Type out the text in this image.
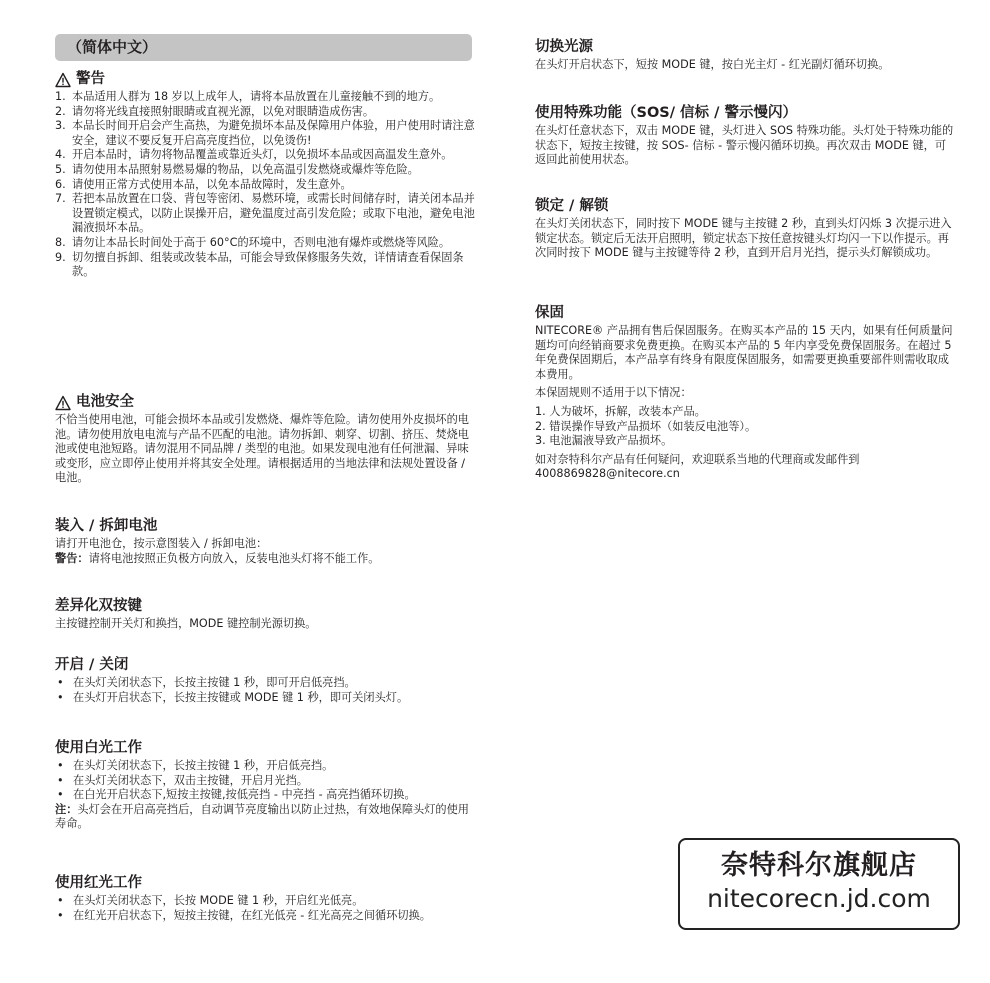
（简体中文）
警告
1. 本品适用人群为 18 岁以上成年人，请将本品放置在儿童接触不到的地方。
2. 请勿将光线直接照射眼睛或直视光源，以免对眼睛造成伤害。
3. 本品长时间开启会产生高热，为避免损坏本品及保障用户体验，用户使用时请注意安全，建议不要反复开启高亮度挡位，以免烫伤!
4. 开启本品时，请勿将物品覆盖或靠近头灯，以免损坏本品或因高温发生意外。
5. 请勿使用本品照射易燃易爆的物品，以免高温引发燃烧或爆炸等危险。
6. 请使用正常方式使用本品，以免本品故障时，发生意外。
7. 若把本品放置在口袋、背包等密闭、易燃环境，或需长时间储存时，请关闭本品并设置锁定模式，以防止误操开启，避免温度过高引发危险；或取下电池，避免电池漏液损坏本品。
8. 请勿让本品长时间处于高于 60°C的环境中，否则电池有爆炸或燃烧等风险。
9. 切勿擅自拆卸、组装或改装本品，可能会导致保修服务失效，详情请查看保固条款。
电池安全

不恰当使用电池，可能会损坏本品或引发燃烧、爆炸等危险。请勿使用外皮损坏的电池。请勿使用放电电流与产品不匹配的电池。请勿拆卸、刺穿、切割、挤压、焚烧电池或使电池短路。请勿混用不同品牌 / 类型的电池。如果发现电池有任何泄漏、异味或变形，应立即停止使用并将其安全处理。请根据适用的当地法律和法规处置设备 / 电池。

装入 / 拆卸电池

请打开电池仓，按示意图装入 / 拆卸电池：

警告：请将电池按照正负极方向放入，反装电池头灯将不能工作。

差异化双按键

主按键控制开关灯和换挡，MODE 键控制光源切换。

开启 / 关闭
• 在头灯关闭状态下，长按主按键 1 秒，即可开启低亮挡。
• 在头灯开启状态下，长按主按键或 MODE 键 1 秒，即可关闭头灯。
使用白光工作
• 在头灯关闭状态下，长按主按键 1 秒，开启低亮挡。
• 在头灯关闭状态下，双击主按键，开启月光挡。
• 在白光开启状态下,短按主按键,按低亮挡 - 中亮挡 - 高亮挡循环切换。

注：头灯会在开启高亮挡后，自动调节亮度输出以防止过热，有效地保障头灯的使用寿命。

使用红光工作
• 在头灯关闭状态下，长按 MODE 键 1 秒，开启红光低亮。
• 在红光开启状态下，短按主按键，在红光低亮 - 红光高亮之间循环切换。
切换光源

在头灯开启状态下，短按 MODE 键，按白光主灯 - 红光副灯循环切换。

使用特殊功能（SOS/ 信标 / 警示慢闪）

在头灯任意状态下，双击 MODE 键，头灯进入 SOS 特殊功能。头灯处于特殊功能的状态下，短按主按键，按 SOS- 信标 - 警示慢闪循环切换。再次双击 MODE 键，可返回此前使用状态。

锁定 / 解锁

在头灯关闭状态下，同时按下 MODE 键与主按键 2 秒，直到头灯闪烁 3 次提示进入锁定状态。锁定后无法开启照明，锁定状态下按任意按键头灯均闪一下以作提示。再次同时按下 MODE 键与主按键等待 2 秒，直到开启月光挡，提示头灯解锁成功。

保固

NITECORE® 产品拥有售后保固服务。在购买本产品的 15 天内，如果有任何质量问题均可向经销商要求免费更换。在购买本产品的 5 年内享受免费保固服务。在超过 5 年免费保固期后，本产品享有终身有限度保固服务，如需要更换重要部件则需收取成本费用。

本保固规则不适用于以下情况：

1. 人为破坏，拆解，改装本产品。

2. 错误操作导致产品损坏（如装反电池等）。

3. 电池漏液导致产品损坏。

如对奈特科尔产品有任何疑问，欢迎联系当地的代理商或发邮件到 4008869828@nitecore.cn

奈特科尔旗舰店
nitecorecn.jd.com
